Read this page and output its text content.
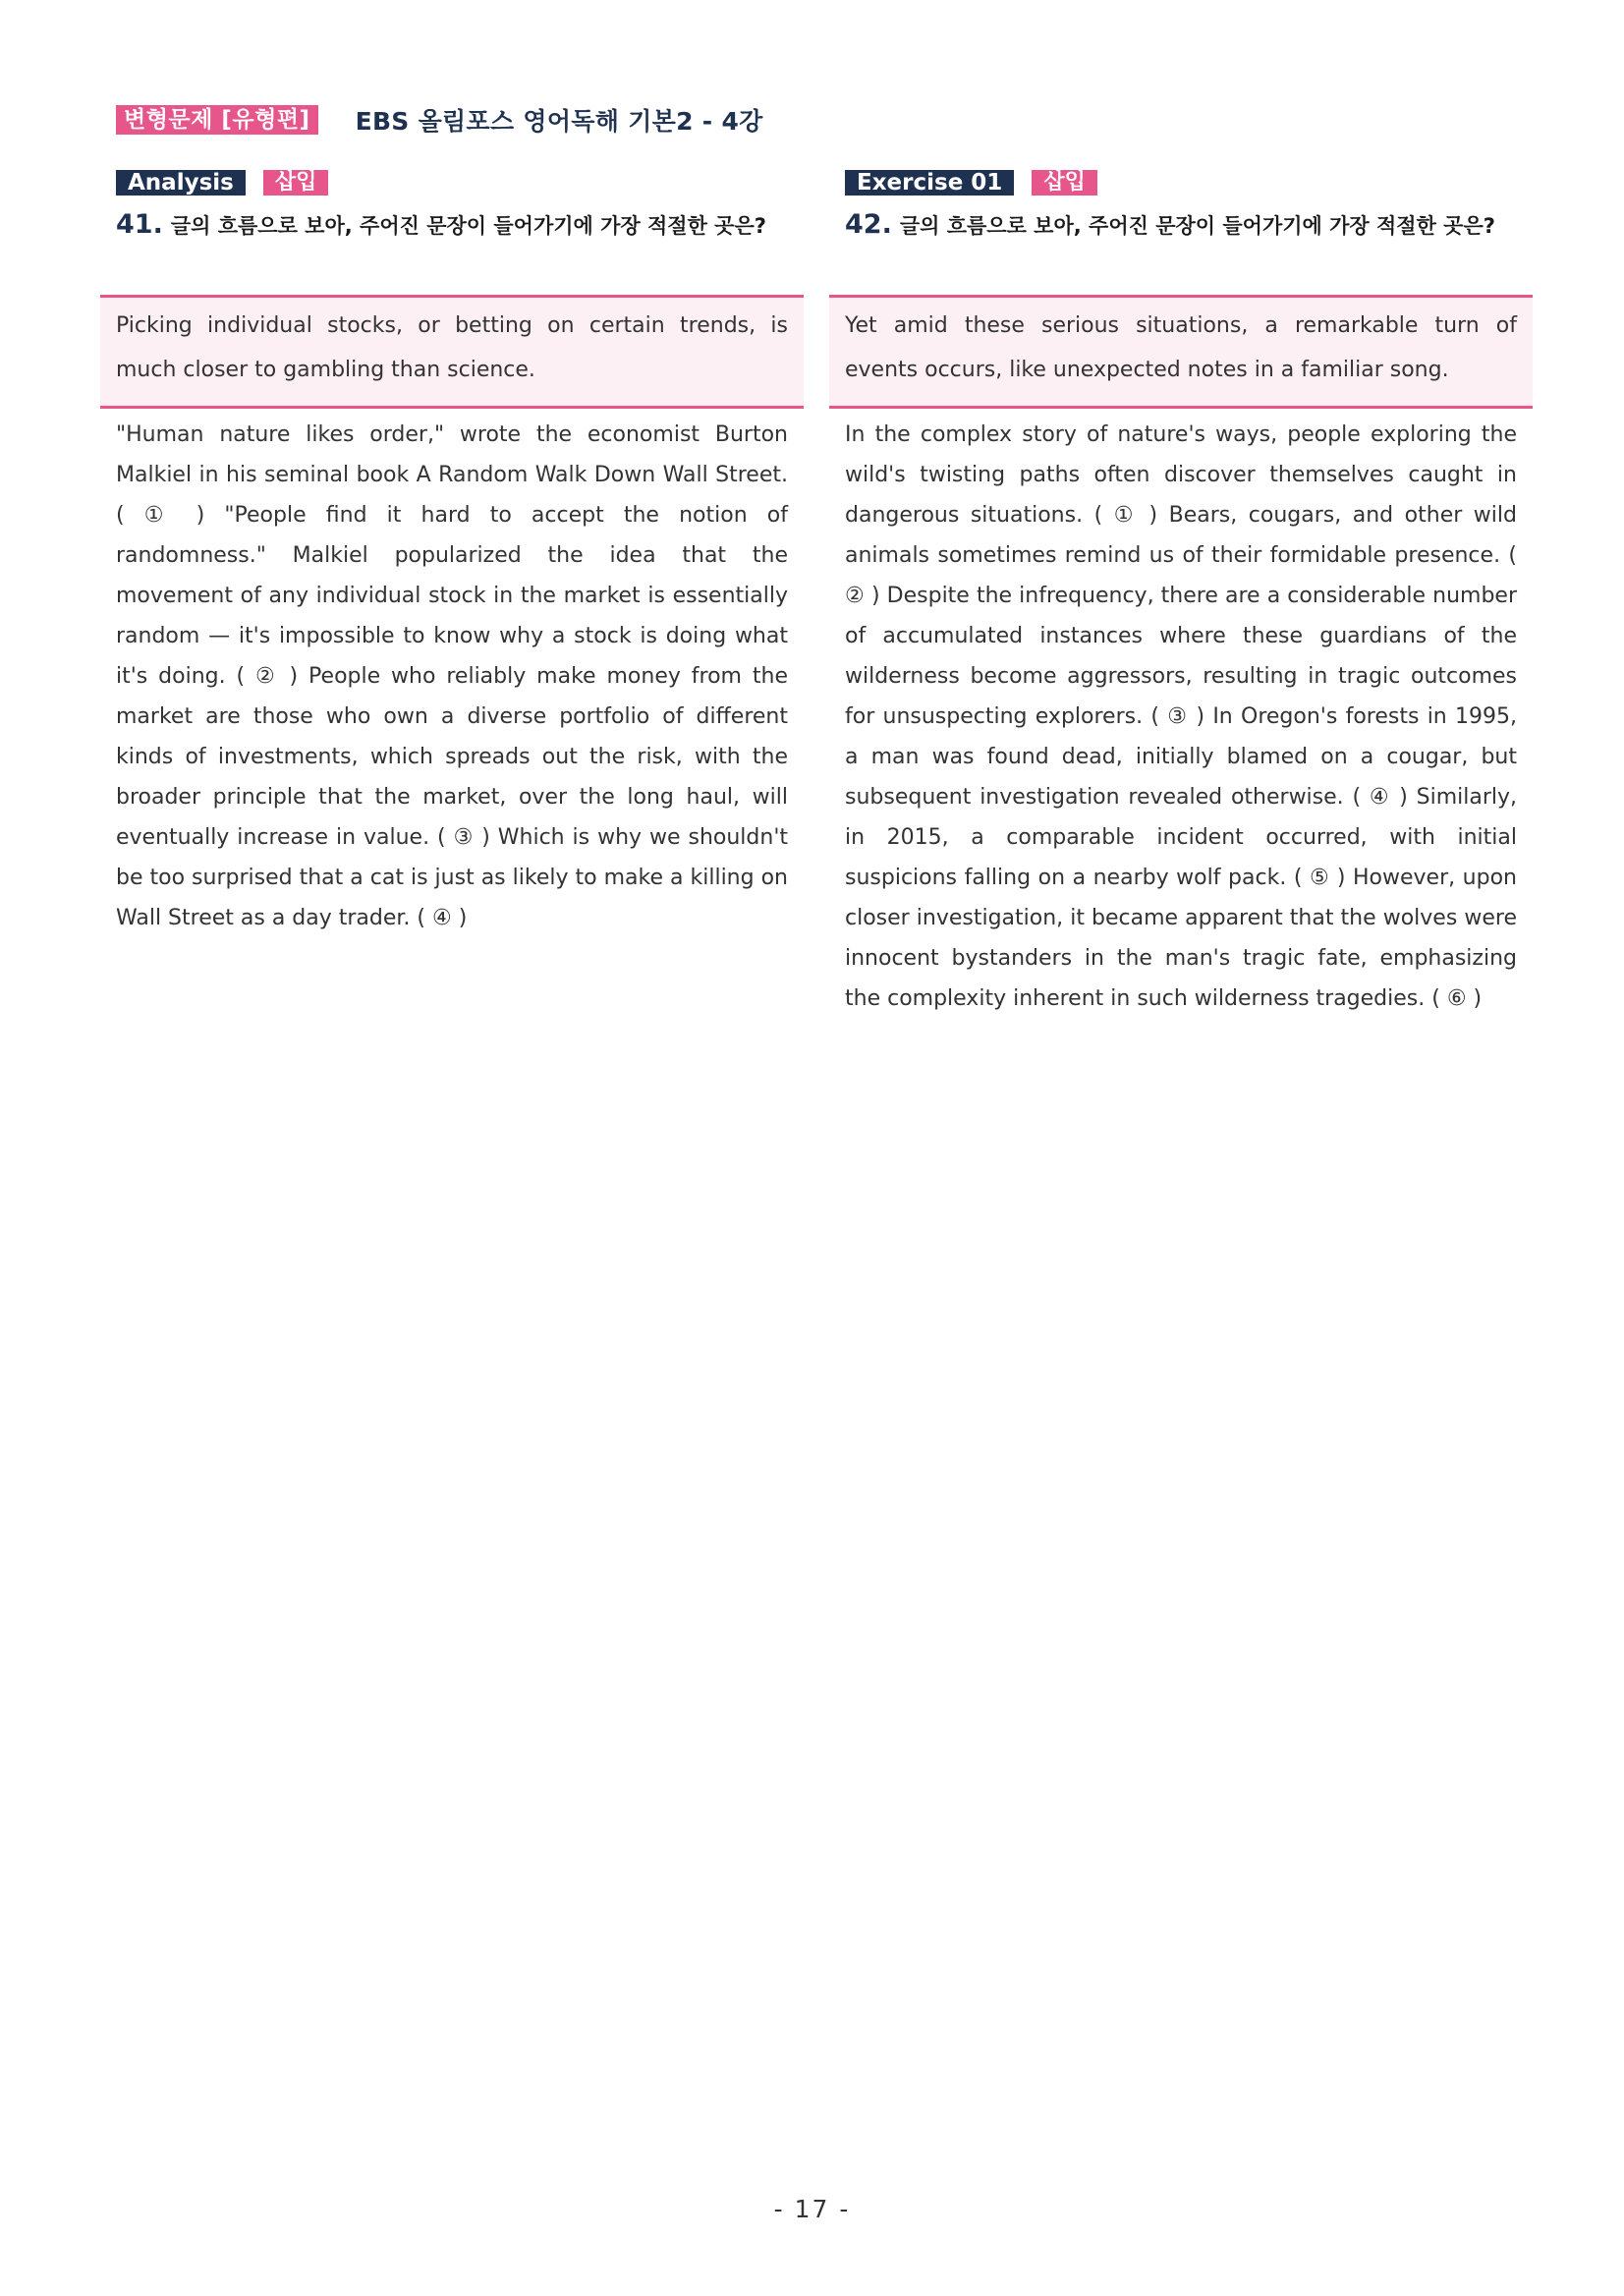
변형문제 [유형편]	EBS 올림포스 영어독해 기본2 - 4강
Analysis	삽입
41. 글의 흐름으로 보아, 주어진 문장이 들어가기에 가장 적절한 곳은?
Picking individual stocks, or betting on certain trends, is much closer to gambling than science.
"Human nature likes order," wrote the economist Burton Malkiel in his seminal book A Random Walk Down Wall Street. ( ① ) "People find it hard to accept the notion of randomness." Malkiel popularized the idea that the movement of any individual stock in the market is essentially random — it's impossible to know why a stock is doing what it's doing. ( ② ) People who reliably make money from the market are those who own a diverse portfolio of different kinds of investments, which spreads out the risk, with the broader principle that the market, over the long haul, will eventually increase in value. ( ③ ) Which is why we shouldn't be too surprised that a cat is just as likely to make a killing on Wall Street as a day trader. ( ④ )
Exercise 01	삽입
42. 글의 흐름으로 보아, 주어진 문장이 들어가기에 가장 적절한 곳은?
Yet amid these serious situations, a remarkable turn of events occurs, like unexpected notes in a familiar song.
In the complex story of nature's ways, people exploring the wild's twisting paths often discover themselves caught in dangerous situations. ( ① ) Bears, cougars, and other wild animals sometimes remind us of their formidable presence. ( ② ) Despite the infrequency, there are a considerable number of accumulated instances where these guardians of the wilderness become aggressors, resulting in tragic outcomes for unsuspecting explorers. ( ③ ) In Oregon's forests in 1995, a man was found dead, initially blamed on a cougar, but subsequent investigation revealed otherwise. ( ④ ) Similarly, in 2015, a comparable incident occurred, with initial suspicions falling on a nearby wolf pack. ( ⑤ ) However, upon closer investigation, it became apparent that the wolves were innocent bystanders in the man's tragic fate, emphasizing the complexity inherent in such wilderness tragedies. ( ⑥ )
- 17 -
